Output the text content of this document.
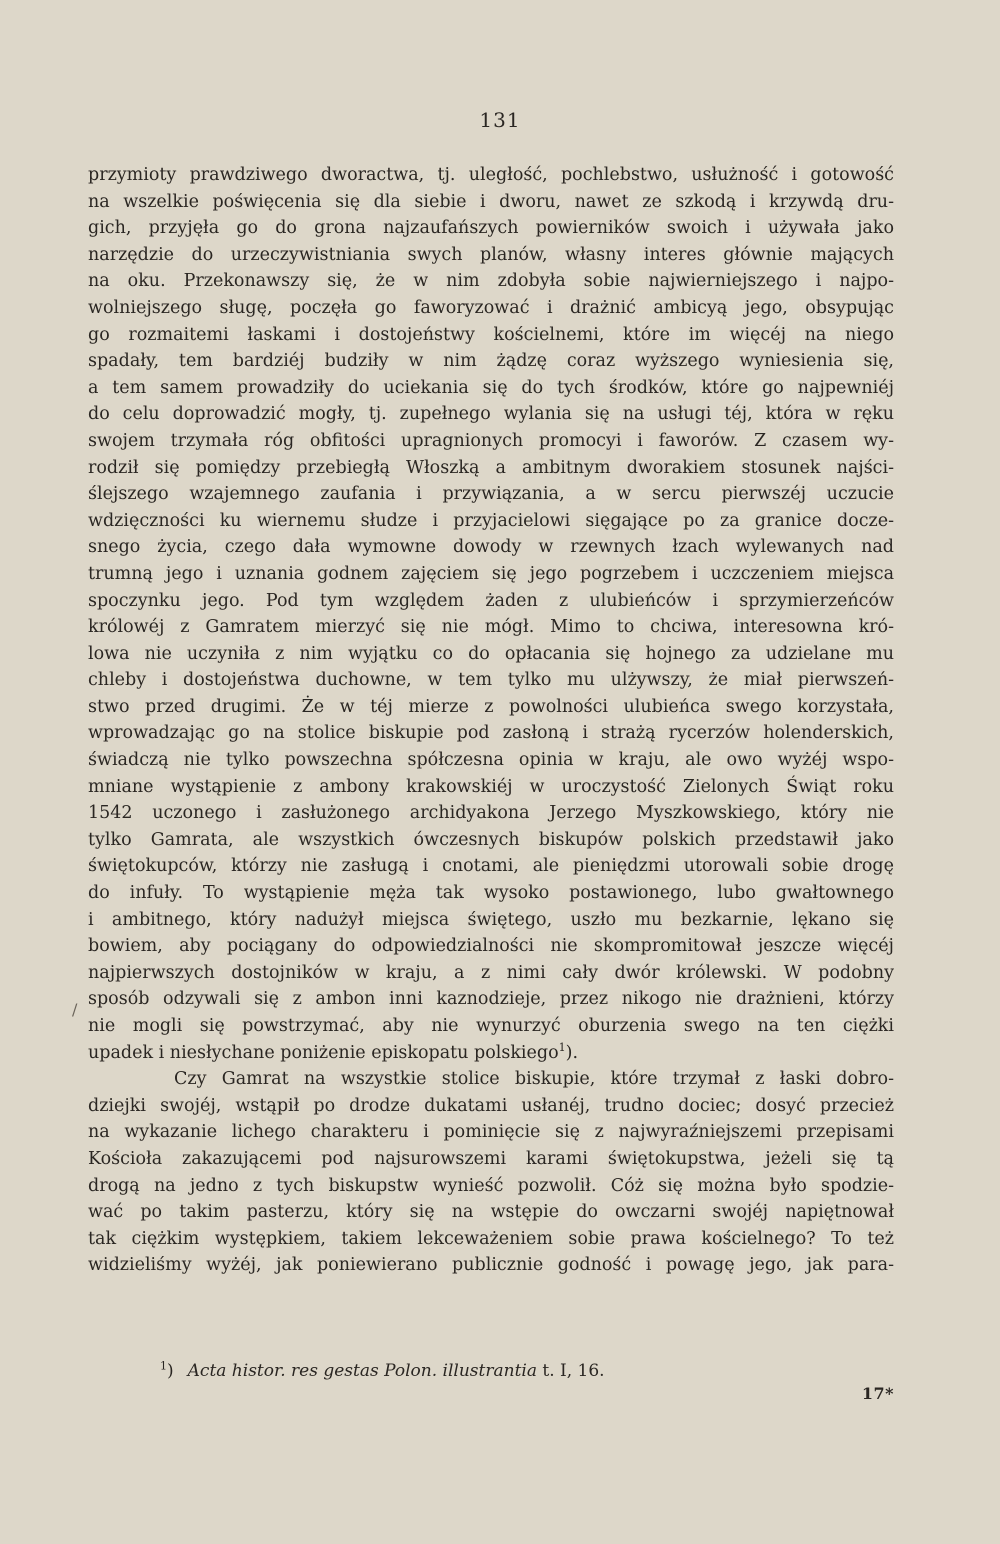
131
/
przymioty prawdziwego dworactwa, tj. uległość, pochlebstwo, usłużność i gotowość
na wszelkie poświęcenia się dla siebie i dworu, nawet ze szkodą i krzywdą dru-
gich, przyjęła go do grona najzaufańszych powierników swoich i używała jako
narzędzie do urzeczywistniania swych planów, własny interes głównie mających
na oku. Przekonawszy się, że w nim zdobyła sobie najwierniejszego i najpo-
wolniejszego sługę, poczęła go faworyzować i drażnić ambicyą jego, obsypując
go rozmaitemi łaskami i dostojeństwy kościelnemi, które im więcéj na niego
spadały, tem bardziéj budziły w nim żądzę coraz wyższego wyniesienia się,
a tem samem prowadziły do uciekania się do tych środków, które go najpewniéj
do celu doprowadzić mogły, tj. zupełnego wylania się na usługi téj, która w ręku
swojem trzymała róg obfitości upragnionych promocyi i faworów. Z czasem wy-
rodził się pomiędzy przebiegłą Włoszką a ambitnym dworakiem stosunek najści-
ślejszego wzajemnego zaufania i przywiązania, a w sercu pierwszéj uczucie
wdzięczności ku wiernemu słudze i przyjacielowi sięgające po za granice docze-
snego życia, czego dała wymowne dowody w rzewnych łzach wylewanych nad
trumną jego i uznania godnem zajęciem się jego pogrzebem i uczczeniem miejsca
spoczynku jego. Pod tym względem żaden z ulubieńców i sprzymierzeńców
królowéj z Gamratem mierzyć się nie mógł. Mimo to chciwa, interesowna kró-
lowa nie uczyniła z nim wyjątku co do opłacania się hojnego za udzielane mu
chleby i dostojeństwa duchowne, w tem tylko mu ulżywszy, że miał pierwszeń-
stwo przed drugimi. Że w téj mierze z powolności ulubieńca swego korzystała,
wprowadzając go na stolice biskupie pod zasłoną i strażą rycerzów holenderskich,
świadczą nie tylko powszechna spółczesna opinia w kraju, ale owo wyżéj wspo-
mniane wystąpienie z ambony krakowskiéj w uroczystość Zielonych Świąt roku
1542 uczonego i zasłużonego archidyakona Jerzego Myszkowskiego, który nie
tylko Gamrata, ale wszystkich ówczesnych biskupów polskich przedstawił jako
świętokupców, którzy nie zasługą i cnotami, ale pieniędzmi utorowali sobie drogę
do infuły. To wystąpienie męża tak wysoko postawionego, lubo gwałtownego
i ambitnego, który nadużył miejsca świętego, uszło mu bezkarnie, lękano się
bowiem, aby pociągany do odpowiedzialności nie skompromitował jeszcze więcéj
najpierwszych dostojników w kraju, a z nimi cały dwór królewski. W podobny
sposób odzywali się z ambon inni kaznodzieje, przez nikogo nie drażnieni, którzy
nie mogli się powstrzymać, aby nie wynurzyć oburzenia swego na ten ciężki
upadek i niesłychane poniżenie episkopatu polskiego$^1$).
Czy Gamrat na wszystkie stolice biskupie, które trzymał z łaski dobro-
dziejki swojéj, wstąpił po drodze dukatami usłanéj, trudno dociec; dosyć przecież
na wykazanie lichego charakteru i pominięcie się z najwyraźniejszemi przepisami
Kościoła zakazującemi pod najsurowszemi karami świętokupstwa, jeżeli się tą
drogą na jedno z tych biskupstw wynieść pozwolił. Cóż się można było spodzie-
wać po takim pasterzu, który się na wstępie do owczarni swojéj napiętnował
tak ciężkim występkiem, takiem lekceważeniem sobie prawa kościelnego? To też
widzieliśmy wyżéj, jak poniewierano publicznie godność i powagę jego, jak para-
$^1$) Acta histor. res gestas Polon. illustrantia t. I, 16.
17*
